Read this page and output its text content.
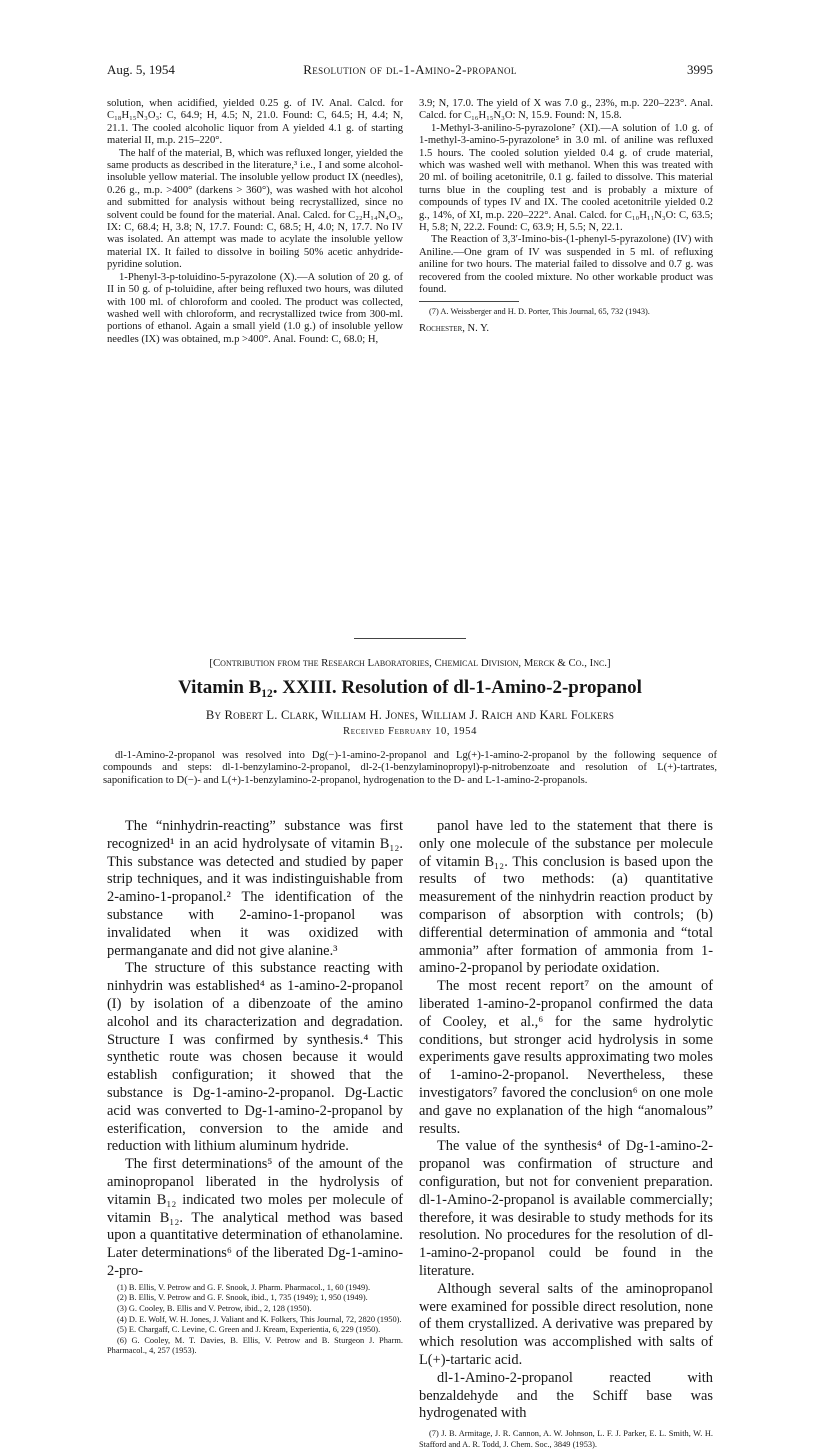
Aug. 5, 1954	Resolution of dl-1-Amino-2-propanol	3995

solution, when acidified, yielded 0.25 g. of IV. Anal. Calcd. for C₁₈H₁₅N₃O₃: C, 64.9; H, 4.5; N, 21.0. Found: C, 64.5; H, 4.4; N, 21.1. The cooled alcoholic liquor from A yielded 4.1 g. of starting material II, m.p. 215–220°.

The half of the material, B, which was refluxed longer, yielded the same products as described in the literature,³ i.e., I and some alcohol-insoluble yellow material. The insoluble yellow product IX (needles), 0.26 g., m.p. >400° (darkens > 360°), was washed with hot alcohol and submitted for analysis without being recrystallized, since no solvent could be found for the material. Anal. Calcd. for C₂₂H₁₄N₄O₃, IX: C, 68.4; H, 3.8; N, 17.7. Found: C, 68.5; H, 4.0; N, 17.7. No IV was isolated. An attempt was made to acylate the insoluble yellow material IX. It failed to dissolve in boiling 50% acetic anhydride-pyridine solution.

1-Phenyl-3-p-toluidino-5-pyrazolone (X).—A solution of 20 g. of II in 50 g. of p-toluidine, after being refluxed two hours, was diluted with 100 ml. of chloroform and cooled. The product was collected, washed well with chloroform, and recrystallized twice from 300-ml. portions of ethanol. Again a small yield (1.0 g.) of insoluble yellow needles (IX) was obtained, m.p >400°. Anal. Found: C, 68.0; H,

3.9; N, 17.0. The yield of X was 7.0 g., 23%, m.p. 220–223°. Anal. Calcd. for C₁₆H₁₅N₃O: N, 15.9. Found: N, 15.8.

1-Methyl-3-anilino-5-pyrazolone⁷ (XI).—A solution of 1.0 g. of 1-methyl-3-amino-5-pyrazolone⁵ in 3.0 ml. of aniline was refluxed 1.5 hours. The cooled solution yielded 0.4 g. of crude material, which was washed well with methanol. When this was treated with 20 ml. of boiling acetonitrile, 0.1 g. failed to dissolve. This material turns blue in the coupling test and is probably a mixture of compounds of types IV and IX. The cooled acetonitrile yielded 0.2 g., 14%, of XI, m.p. 220–222°. Anal. Calcd. for C₁₀H₁₁N₃O: C, 63.5; H, 5.8; N, 22.2. Found: C, 63.9; H, 5.5; N, 22.1.

The Reaction of 3,3′-Imino-bis-(1-phenyl-5-pyrazolone) (IV) with Aniline.—One gram of IV was suspended in 5 ml. of refluxing aniline for two hours. The material failed to dissolve and 0.7 g. was recovered from the cooled mixture. No other workable product was found.

(7) A. Weissberger and H. D. Porter, This Journal, 65, 732 (1943).

Rochester, N. Y.
[Contribution from the Research Laboratories, Chemical Division, Merck & Co., Inc.]
Vitamin B₁₂. XXIII. Resolution of dl-1-Amino-2-propanol
By Robert L. Clark, William H. Jones, William J. Raich and Karl Folkers
Received February 10, 1954

dl-1-Amino-2-propanol was resolved into Dg(−)-1-amino-2-propanol and Lg(+)-1-amino-2-propanol by the following sequence of compounds and steps: dl-1-benzylamino-2-propanol, dl-2-(1-benzylaminopropyl)-p-nitrobenzoate and resolution of L(+)-tartrates, saponification to D(−)- and L(+)-1-benzylamino-2-propanol, hydrogenation to the D- and L-1-amino-2-propanols.

The “ninhydrin-reacting” substance was first recognized¹ in an acid hydrolysate of vitamin B₁₂. This substance was detected and studied by paper strip techniques, and it was indistinguishable from 2-amino-1-propanol.² The identification of the substance with 2-amino-1-propanol was invalidated when it was oxidized with permanganate and did not give alanine.³

The structure of this substance reacting with ninhydrin was established⁴ as 1-amino-2-propanol (I) by isolation of a dibenzoate of the amino alcohol and its characterization and degradation. Structure I was confirmed by synthesis.⁴ This synthetic route was chosen because it would establish configuration; it showed that the substance is Dg-1-amino-2-propanol. Dg-Lactic acid was converted to Dg-1-amino-2-propanol by esterification, conversion to the amide and reduction with lithium aluminum hydride.

The first determinations⁵ of the amount of the aminopropanol liberated in the hydrolysis of vitamin B₁₂ indicated two moles per molecule of vitamin B₁₂. The analytical method was based upon a quantitative determination of ethanolamine. Later determinations⁶ of the liberated Dg-1-amino-2-pro-

(1) B. Ellis, V. Petrow and G. F. Snook, J. Pharm. Pharmacol., 1, 60 (1949).

(2) B. Ellis, V. Petrow and G. F. Snook, ibid., 1, 735 (1949); 1, 950 (1949).

(3) G. Cooley, B. Ellis and V. Petrow, ibid., 2, 128 (1950).

(4) D. E. Wolf, W. H. Jones, J. Valiant and K. Folkers, This Journal, 72, 2820 (1950).

(5) E. Chargaff, C. Levine, C. Green and J. Kream, Experientia, 6, 229 (1950).

(6) G. Cooley, M. T. Davies, B. Ellis, V. Petrow and B. Sturgeon J. Pharm. Pharmacol., 4, 257 (1953).

panol have led to the statement that there is only one molecule of the substance per molecule of vitamin B₁₂. This conclusion is based upon the results of two methods: (a) quantitative measurement of the ninhydrin reaction product by comparison of absorption with controls; (b) differential determination of ammonia and “total ammonia” after formation of ammonia from 1-amino-2-propanol by periodate oxidation.

The most recent report⁷ on the amount of liberated 1-amino-2-propanol confirmed the data of Cooley, et al.,⁶ for the same hydrolytic conditions, but stronger acid hydrolysis in some experiments gave results approximating two moles of 1-amino-2-propanol. Nevertheless, these investigators⁷ favored the conclusion⁶ on one mole and gave no explanation of the high “anomalous” results.

The value of the synthesis⁴ of Dg-1-amino-2-propanol was confirmation of structure and configuration, but not for convenient preparation. dl-1-Amino-2-propanol is available commercially; therefore, it was desirable to study methods for its resolution. No procedures for the resolution of dl-1-amino-2-propanol could be found in the literature.

Although several salts of the aminopropanol were examined for possible direct resolution, none of them crystallized. A derivative was prepared by which resolution was accomplished with salts of L(+)-tartaric acid.

dl-1-Amino-2-propanol reacted with benzaldehyde and the Schiff base was hydrogenated with

(7) J. B. Armitage, J. R. Cannon, A. W. Johnson, L. F. J. Parker, E. L. Smith, W. H. Stafford and A. R. Todd, J. Chem. Soc., 3849 (1953).
